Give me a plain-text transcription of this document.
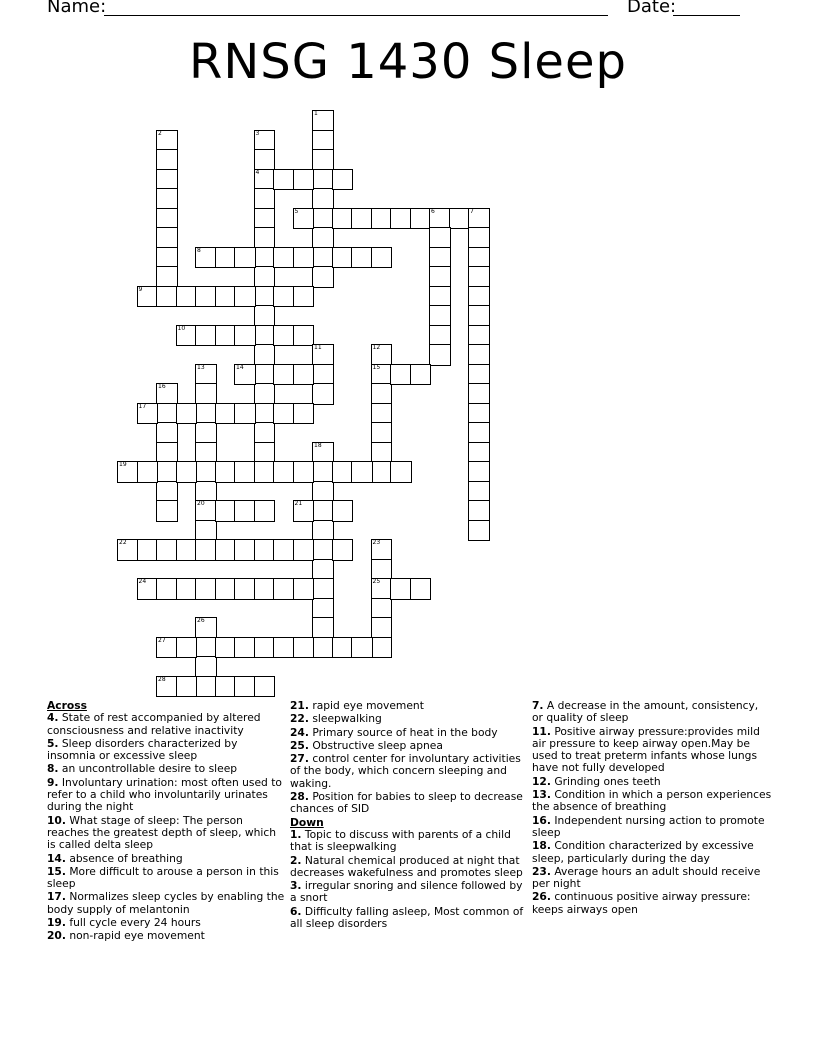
Name:	Date:
RNSG 1430 Sleep
1
2	3
4
5	6	7
8
9
10
11	12
15
13
20
14
16
17
18
19
21
22	23
25
24
26
27
28
Across
4. State of rest accompanied by altered consciousness and relative inactivity
5. Sleep disorders characterized by insomnia or excessive sleep
8. an uncontrollable desire to sleep
9. Involuntary urination: most often used to refer to a child who involuntarily urinates during the night
10. What stage of sleep: The person reaches the greatest depth of sleep, which is called delta sleep
14. absence of breathing
15. More difficult to arouse a person in this sleep
17. Normalizes sleep cycles by enabling the body supply of melantonin
19. full cycle every 24 hours
20. non-rapid eye movement
21. rapid eye movement
22. sleepwalking
24. Primary source of heat in the body
25. Obstructive sleep apnea
27. control center for involuntary activities of the body, which concern sleeping and waking.
28. Position for babies to sleep to decrease chances of SID
Down
1. Topic to discuss with parents of a child that is sleepwalking
2. Natural chemical produced at night that decreases wakefulness and promotes sleep
3. irregular snoring and silence followed by a snort
6. Difficulty falling asleep, Most common of all sleep disorders
7. A decrease in the amount, consistency, or quality of sleep
11. Positive airway pressure:provides mild air pressure to keep airway open.May be used to treat preterm infants whose lungs have not fully developed
12. Grinding ones teeth
13. Condition in which a person experiences the absence of breathing
16. Independent nursing action to promote sleep
18. Condition characterized by excessive sleep, particularly during the day
23. Average hours an adult should receive per night
26. continuous positive airway pressure: keeps airways open
